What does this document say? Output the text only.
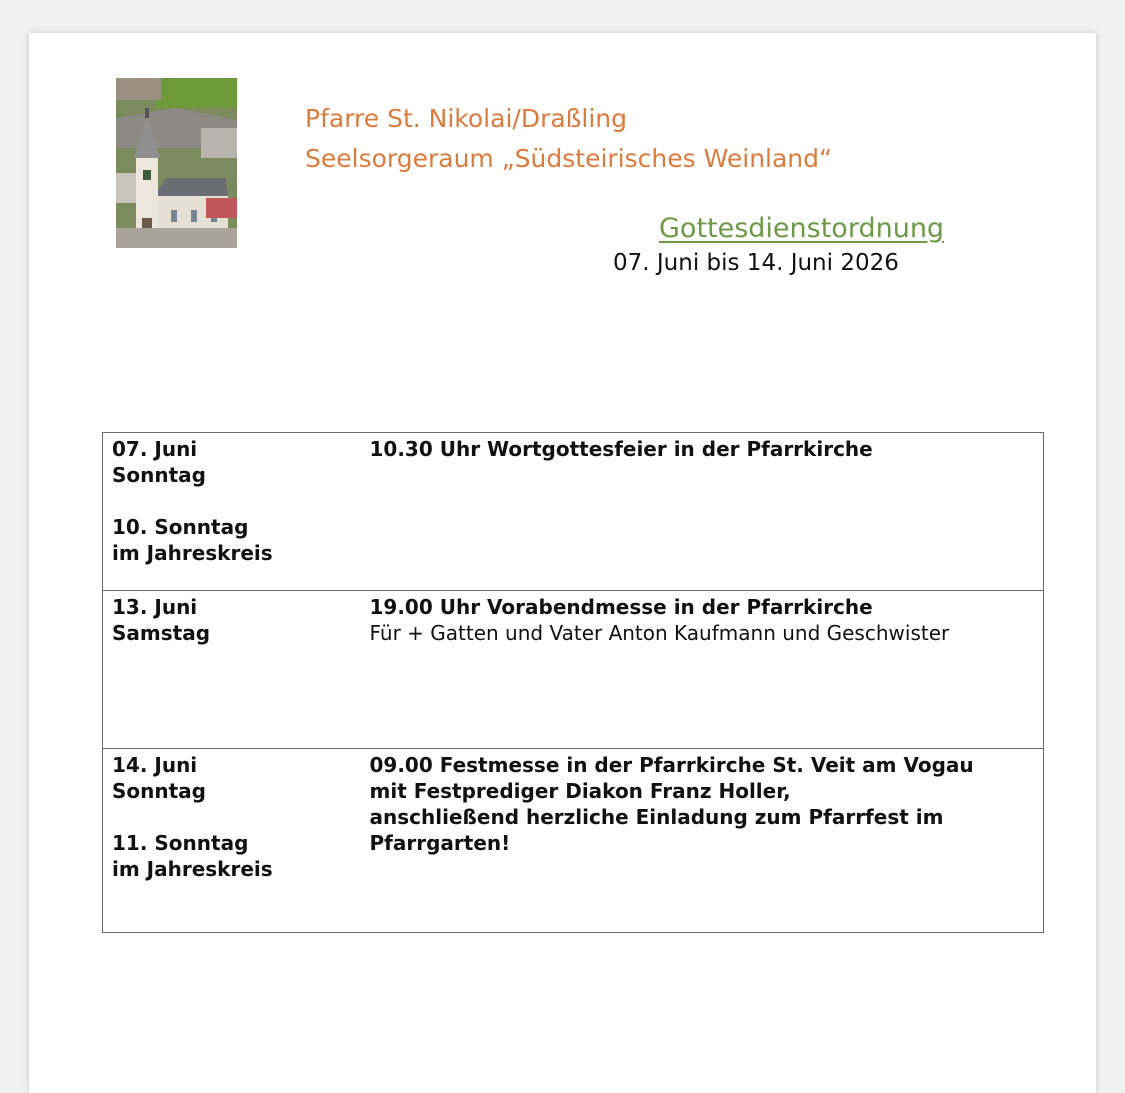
Pfarre St. Nikolai/Draßling
Seelsorgeraum „Südsteirisches Weinland“
Gottesdienstordnung
07. Juni bis 14. Juni 2026
07. Juni
Sonntag
10. Sonntag
im Jahreskreis	10.30 Uhr Wortgottesfeier in der Pfarrkirche

13. Juni
Samstag	19.00 Uhr Vorabendmesse in der Pfarrkirche
Für + Gatten und Vater Anton Kaufmann und Geschwister

14. Juni
Sonntag
11. Sonntag
im Jahreskreis	09.00 Festmesse in der Pfarrkirche St. Veit am Vogau
mit Festprediger Diakon Franz Holler,
anschließend herzliche Einladung zum Pfarrfest im
Pfarrgarten!
